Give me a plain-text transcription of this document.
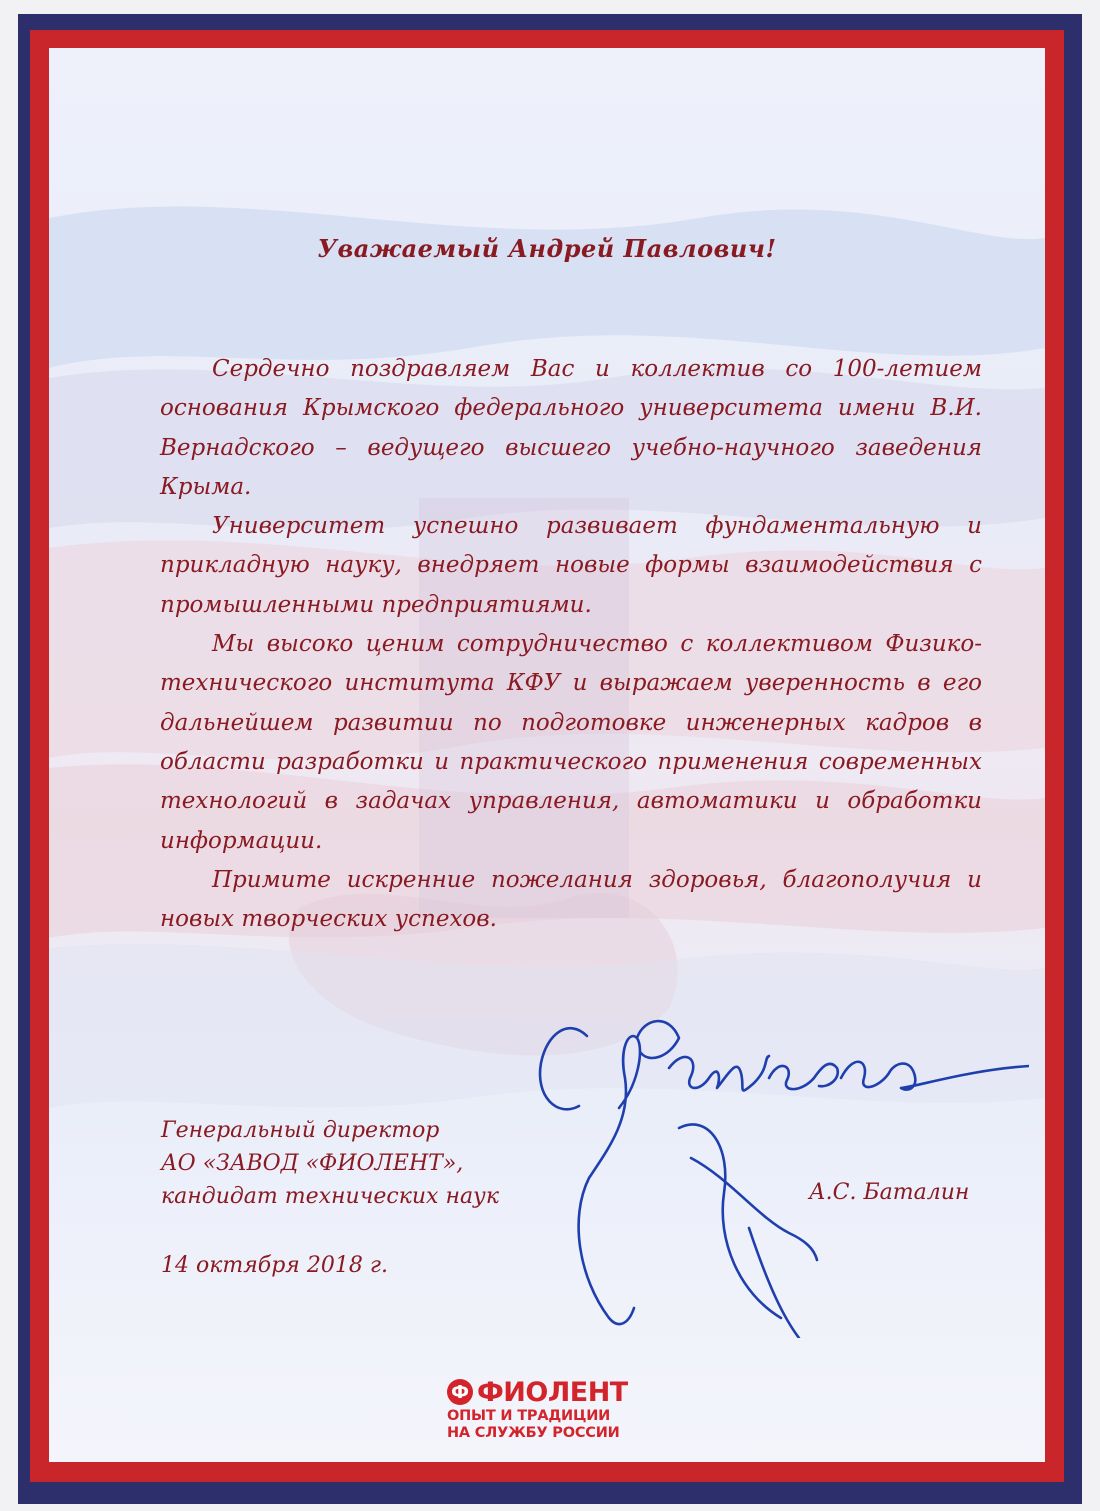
Уважаемый Андрей Павлович!

Сердечно поздравляем Вас и коллектив со 100-летием основания Крымского федерального университета имени В.И. Вернадского – ведущего высшего учебно-научного заведения Крыма.

Университет успешно развивает фундаментальную и прикладную науку, внедряет новые формы взаимодействия с промышленными предприятиями.

Мы высоко ценим сотрудничество с коллективом Физико-технического института КФУ и выражаем уверенность в его дальнейшем развитии по подготовке инженерных кадров в области разработки и практического применения современных технологий в задачах управления, автоматики и обработки информации.

Примите искренние пожелания здоровья, благополучия и новых творческих успехов.

Генеральный директор
АО «ЗАВОД «ФИОЛЕНТ»,
кандидат технических наук	А.С. Баталин
14 октября 2018 г.
Ф ФИОЛЕНТ
ОПЫТ И ТРАДИЦИИ
НА СЛУЖБУ РОССИИ
